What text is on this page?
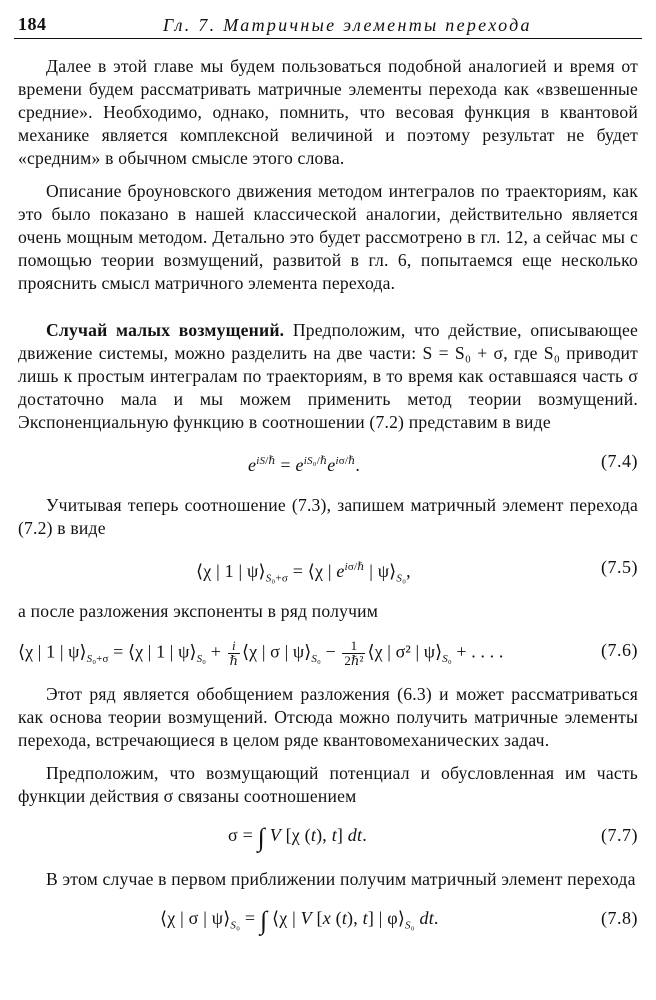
184	Гл. 7. Матричные элементы перехода

Далее в этой главе мы будем пользоваться подобной аналогией и время от времени будем рассматривать матричные элементы перехода как «взвешенные средние». Необходимо, однако, помнить, что весовая функция в квантовой механике является комплексной величиной и поэтому результат не будет «средним» в обычном смысле этого слова.

Описание броуновского движения методом интегралов по траекториям, как это было показано в нашей классической аналогии, действительно является очень мощным методом. Детально это будет рассмотрено в гл. 12, а сейчас мы с помощью теории возмущений, развитой в гл. 6, попытаемся еще несколько прояснить смысл матричного элемента перехода.

Случай малых возмущений. Предположим, что действие, описывающее движение системы, можно разделить на две части: S = S₀ + σ, где S₀ приводит лишь к простым интегралам по траекториям, в то время как оставшаяся часть σ достаточно мала и мы можем применить метод теории возмущений. Экспоненциальную функцию в соотношении (7.2) представим в виде

$e^{iS/\hbar} = e^{iS_0/\hbar}e^{i\sigma/\hbar}$.	(7.4)

Учитывая теперь соотношение (7.3), запишем матричный элемент перехода (7.2) в виде

⟨χ | 1 | $\psi⟩_{S_0+\sigma}$ = ⟨χ | $e^{i\sigma/\hbar}$ | $\psi⟩_{S_0}$,	(7.5)

а после разложения экспоненты в ряд получим

⟨χ | 1 | $\psi⟩_{S_0+\sigma}$ = ⟨χ | 1 | $\psi⟩_{S_0} + \frac{i}{\text{ℏ}}$ ⟨χ | σ | $\psi⟩_{S_0} - \frac{1}{\text{2ℏ²}}$ ⟨χ | σ² | $\psi⟩_{S_0}$ + . . . .	(7.6)

Этот ряд является обобщением разложения (6.3) и может рассматриваться как основа теории возмущений. Отсюда можно получить матричные элементы перехода, встречающиеся в целом ряде квантовомеханических задач.

Предположим, что возмущающий потенциал и обусловленная им часть функции действия σ связаны соотношением

σ = ∫ V [χ (t), t] dt.	(7.7)

В этом случае в первом приближении получим матричный элемент перехода

⟨χ | σ | $\psi⟩_{S_0}$ = ∫ ⟨χ | V [x (t), t] | $\varphi⟩_{S_0}$ dt.	(7.8)
